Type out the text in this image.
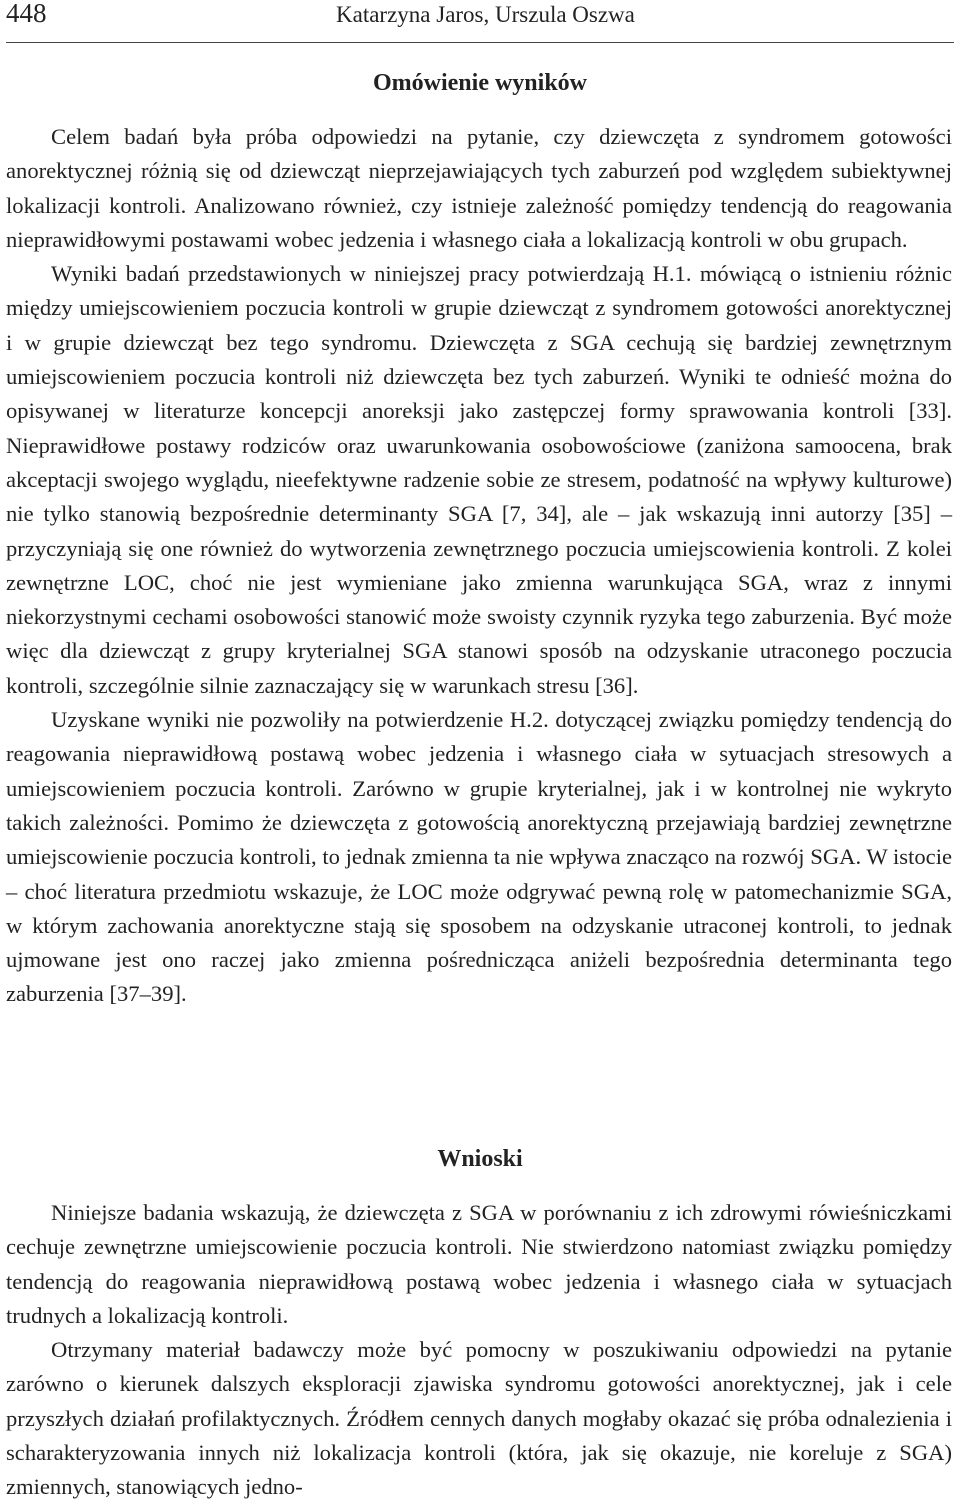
448	Katarzyna Jaros, Urszula Oszwa
Omówienie wyników

Celem badań była próba odpowiedzi na pytanie, czy dziewczęta z syndromem gotowości anorektycznej różnią się od dziewcząt nieprzejawiających tych zaburzeń pod względem subiektywnej lokalizacji kontroli. Analizowano również, czy istnieje zależność pomiędzy tendencją do reagowania nieprawidłowymi postawami wobec jedzenia i własnego ciała a lokalizacją kontroli w obu grupach.

Wyniki badań przedstawionych w niniejszej pracy potwierdzają H.1. mówiącą o istnieniu różnic między umiejscowieniem poczucia kontroli w grupie dziewcząt z syndromem gotowości anorektycznej i w grupie dziewcząt bez tego syndromu. Dziewczęta z SGA cechują się bardziej zewnętrznym umiejscowieniem poczucia kontroli niż dziewczęta bez tych zaburzeń. Wyniki te odnieść można do opisywanej w literaturze koncepcji anoreksji jako zastępczej formy sprawowania kontroli [33]. Nieprawidłowe postawy rodziców oraz uwarunkowania osobowościowe (zaniżona samoocena, brak akceptacji swojego wyglądu, nieefektywne radzenie sobie ze stresem, podatność na wpływy kulturowe) nie tylko stanowią bezpośrednie determinanty SGA [7, 34], ale – jak wskazują inni autorzy [35] – przyczyniają się one również do wytworzenia zewnętrznego poczucia umiejscowienia kontroli. Z kolei zewnętrzne LOC, choć nie jest wymieniane jako zmienna warunkująca SGA, wraz z innymi niekorzystnymi cechami osobowości stanowić może swoisty czynnik ryzyka tego zaburzenia. Być może więc dla dziewcząt z grupy kryterialnej SGA stanowi sposób na odzyskanie utraconego poczucia kontroli, szczególnie silnie zaznaczający się w warunkach stresu [36].

Uzyskane wyniki nie pozwoliły na potwierdzenie H.2. dotyczącej związku pomiędzy tendencją do reagowania nieprawidłową postawą wobec jedzenia i własnego ciała w sytuacjach stresowych a umiejscowieniem poczucia kontroli. Zarówno w grupie kryterialnej, jak i w kontrolnej nie wykryto takich zależności. Pomimo że dziewczęta z gotowością anorektyczną przejawiają bardziej zewnętrzne umiejscowienie poczucia kontroli, to jednak zmienna ta nie wpływa znacząco na rozwój SGA. W istocie – choć literatura przedmiotu wskazuje, że LOC może odgrywać pewną rolę w patomechanizmie SGA, w którym zachowania anorektyczne stają się sposobem na odzyskanie utraconej kontroli, to jednak ujmowane jest ono raczej jako zmienna pośrednicząca aniżeli bezpośrednia determinanta tego zaburzenia [37–39].

Wnioski

Niniejsze badania wskazują, że dziewczęta z SGA w porównaniu z ich zdrowymi rówieśniczkami cechuje zewnętrzne umiejscowienie poczucia kontroli. Nie stwierdzono natomiast związku pomiędzy tendencją do reagowania nieprawidłową postawą wobec jedzenia i własnego ciała w sytuacjach trudnych a lokalizacją kontroli.

Otrzymany materiał badawczy może być pomocny w poszukiwaniu odpowiedzi na pytanie zarówno o kierunek dalszych eksploracji zjawiska syndromu gotowości anorektycznej, jak i cele przyszłych działań profilaktycznych. Źródłem cennych danych mogłaby okazać się próba odnalezienia i scharakteryzowania innych niż lokalizacja kontroli (która, jak się okazuje, nie koreluje z SGA) zmiennych, stanowiących jedno-
